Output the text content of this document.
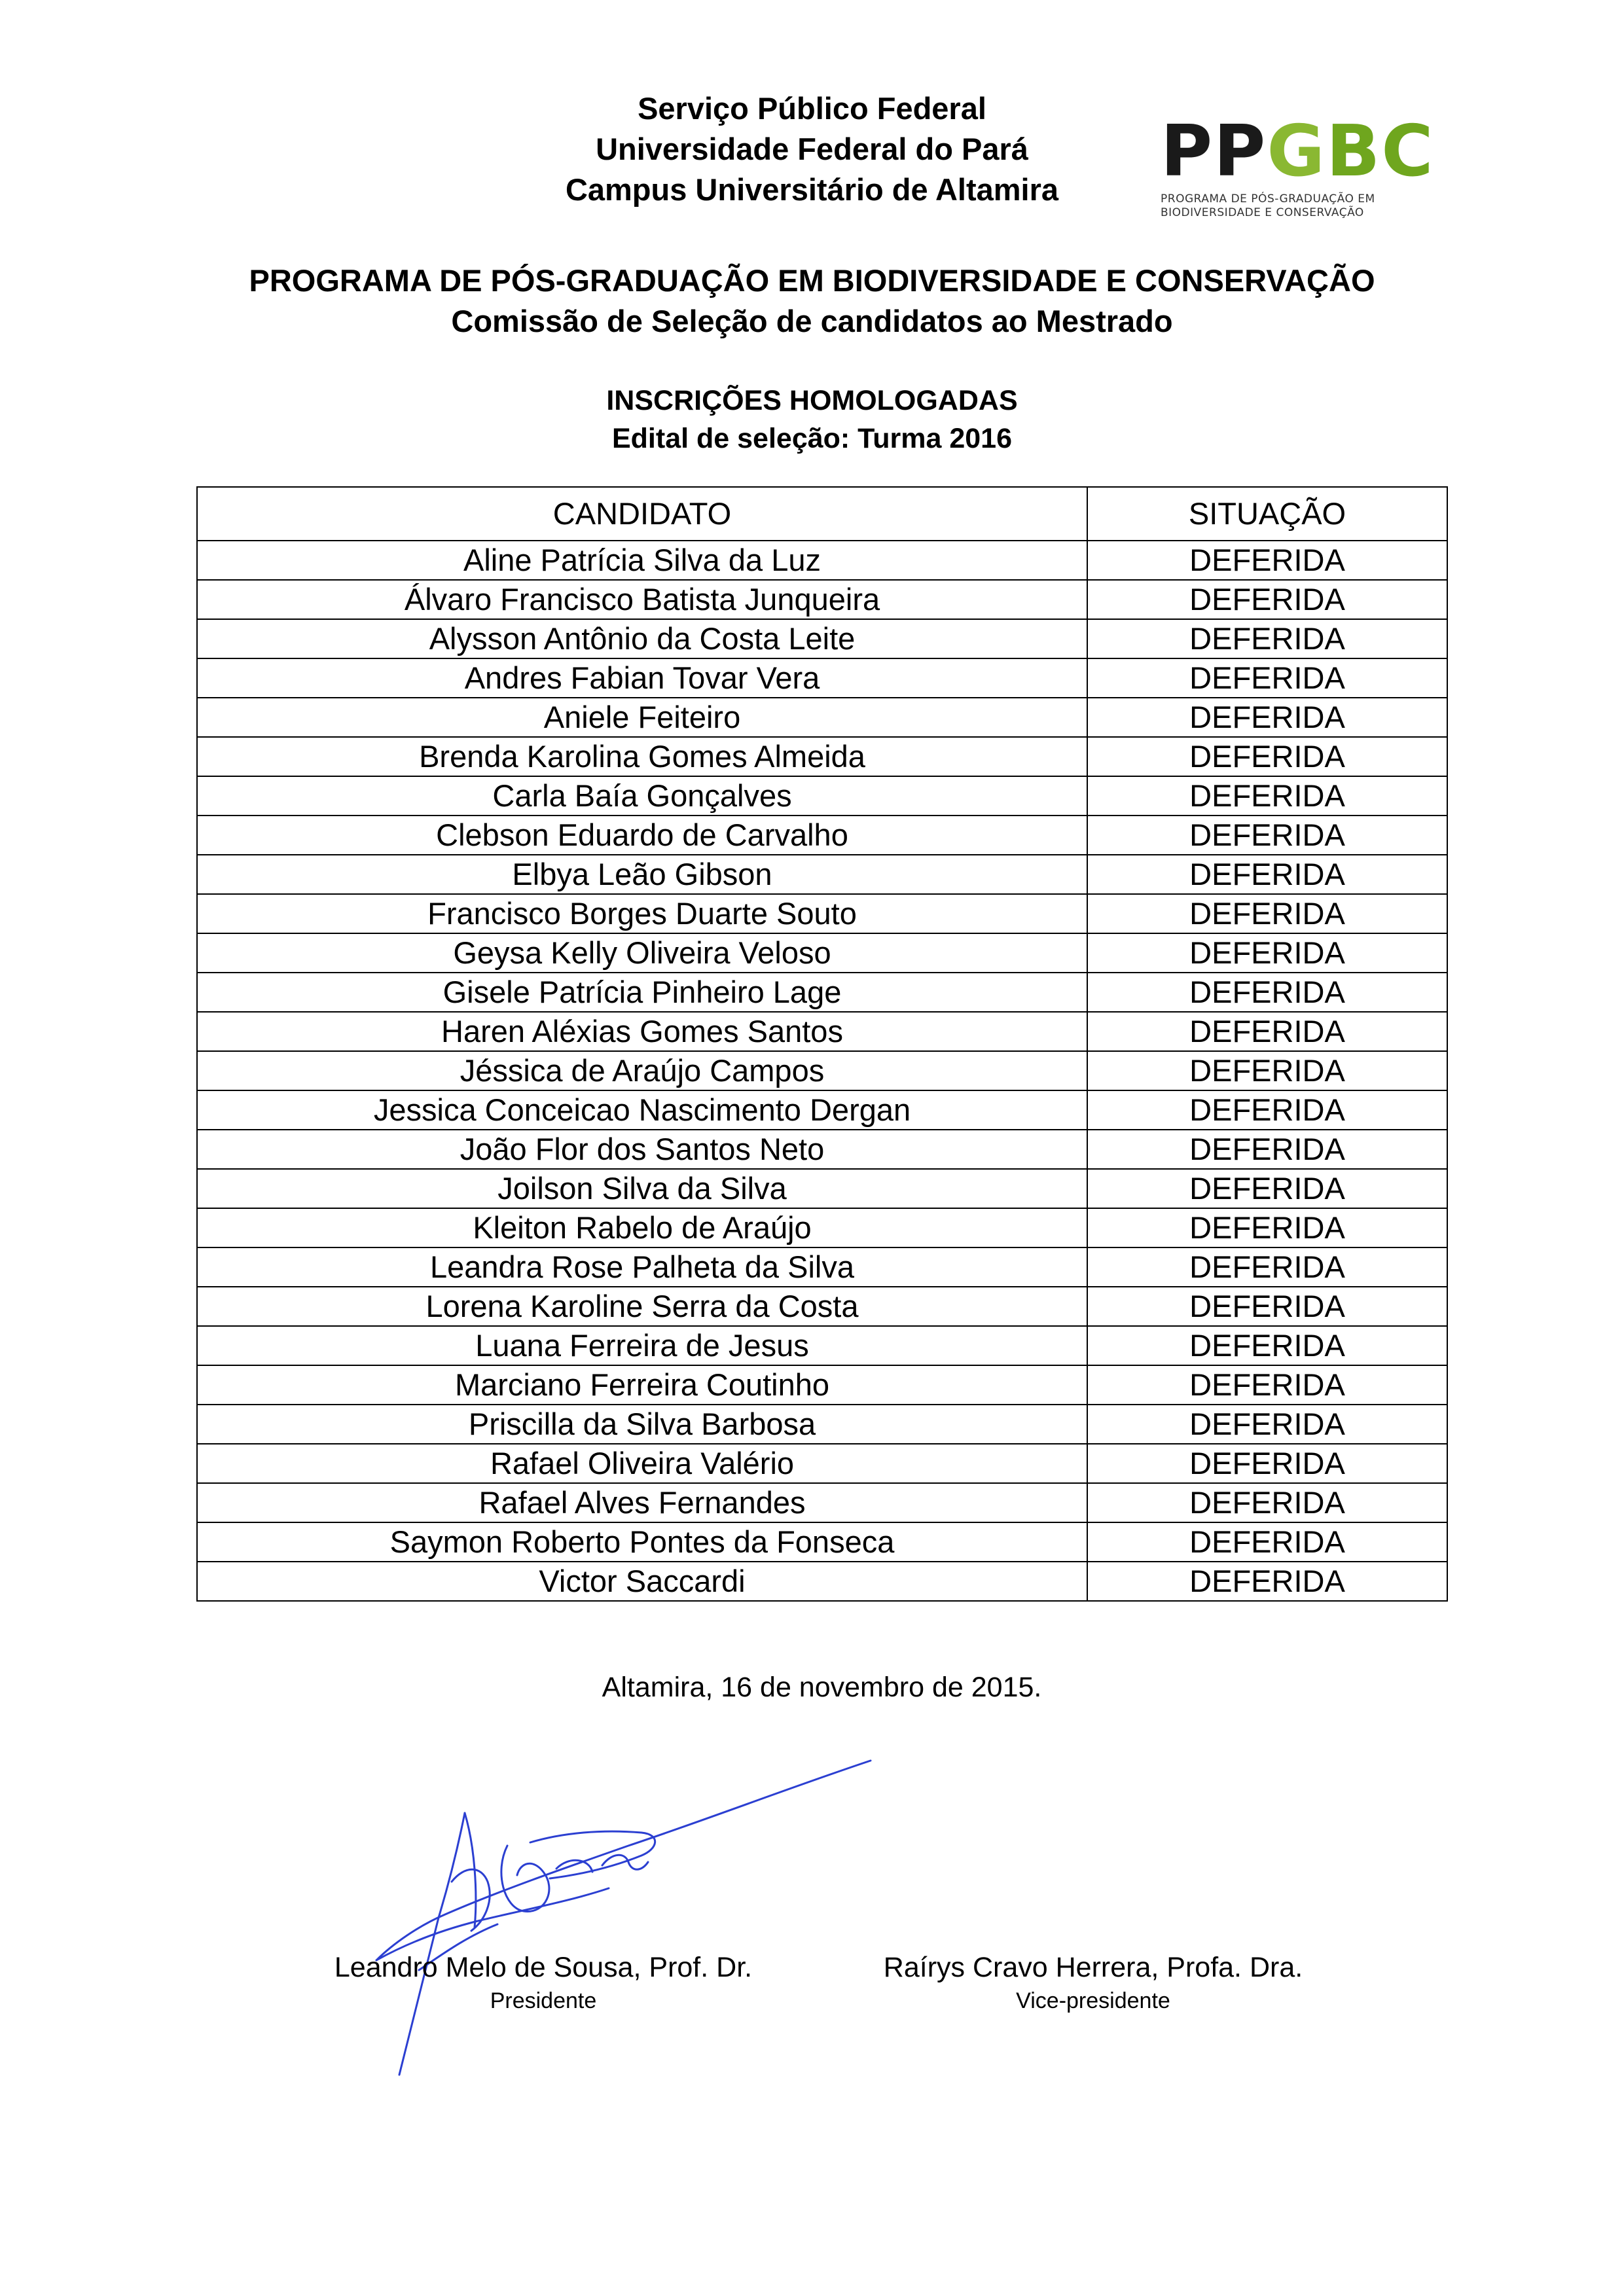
Serviço Público Federal
Universidade Federal do Pará
Campus Universitário de Altamira	PPGBC
PROGRAMA DE PÓS-GRADUAÇÃO EM
BIODIVERSIDADE E CONSERVAÇÃO
PROGRAMA DE PÓS-GRADUAÇÃO EM BIODIVERSIDADE E CONSERVAÇÃO
Comissão de Seleção de candidatos ao Mestrado
INSCRIÇÕES HOMOLOGADAS
Edital de seleção: Turma 2016
CANDIDATO	SITUAÇÃO
Aline Patrícia Silva da Luz	DEFERIDA
Álvaro Francisco Batista Junqueira	DEFERIDA
Alysson Antônio da Costa Leite	DEFERIDA
Andres Fabian Tovar Vera	DEFERIDA
Aniele Feiteiro	DEFERIDA
Brenda Karolina Gomes Almeida	DEFERIDA
Carla Baía Gonçalves	DEFERIDA
Clebson Eduardo de Carvalho	DEFERIDA
Elbya Leão Gibson	DEFERIDA
Francisco Borges Duarte Souto	DEFERIDA
Geysa Kelly Oliveira Veloso	DEFERIDA
Gisele Patrícia Pinheiro Lage	DEFERIDA
Haren Aléxias Gomes Santos	DEFERIDA
Jéssica de Araújo Campos	DEFERIDA
Jessica Conceicao Nascimento Dergan	DEFERIDA
João Flor dos Santos Neto	DEFERIDA
Joilson Silva da Silva	DEFERIDA
Kleiton Rabelo de Araújo	DEFERIDA
Leandra Rose Palheta da Silva	DEFERIDA
Lorena Karoline Serra da Costa	DEFERIDA
Luana Ferreira de Jesus	DEFERIDA
Marciano Ferreira Coutinho	DEFERIDA
Priscilla da Silva Barbosa	DEFERIDA
Rafael Oliveira Valério	DEFERIDA
Rafael Alves Fernandes	DEFERIDA
Saymon Roberto Pontes da Fonseca	DEFERIDA
Victor Saccardi	DEFERIDA
Altamira, 16 de novembro de 2015.
Leandro Melo de Sousa, Prof. Dr.
Presidente
Raírys Cravo Herrera, Profa. Dra.
Vice-presidente
